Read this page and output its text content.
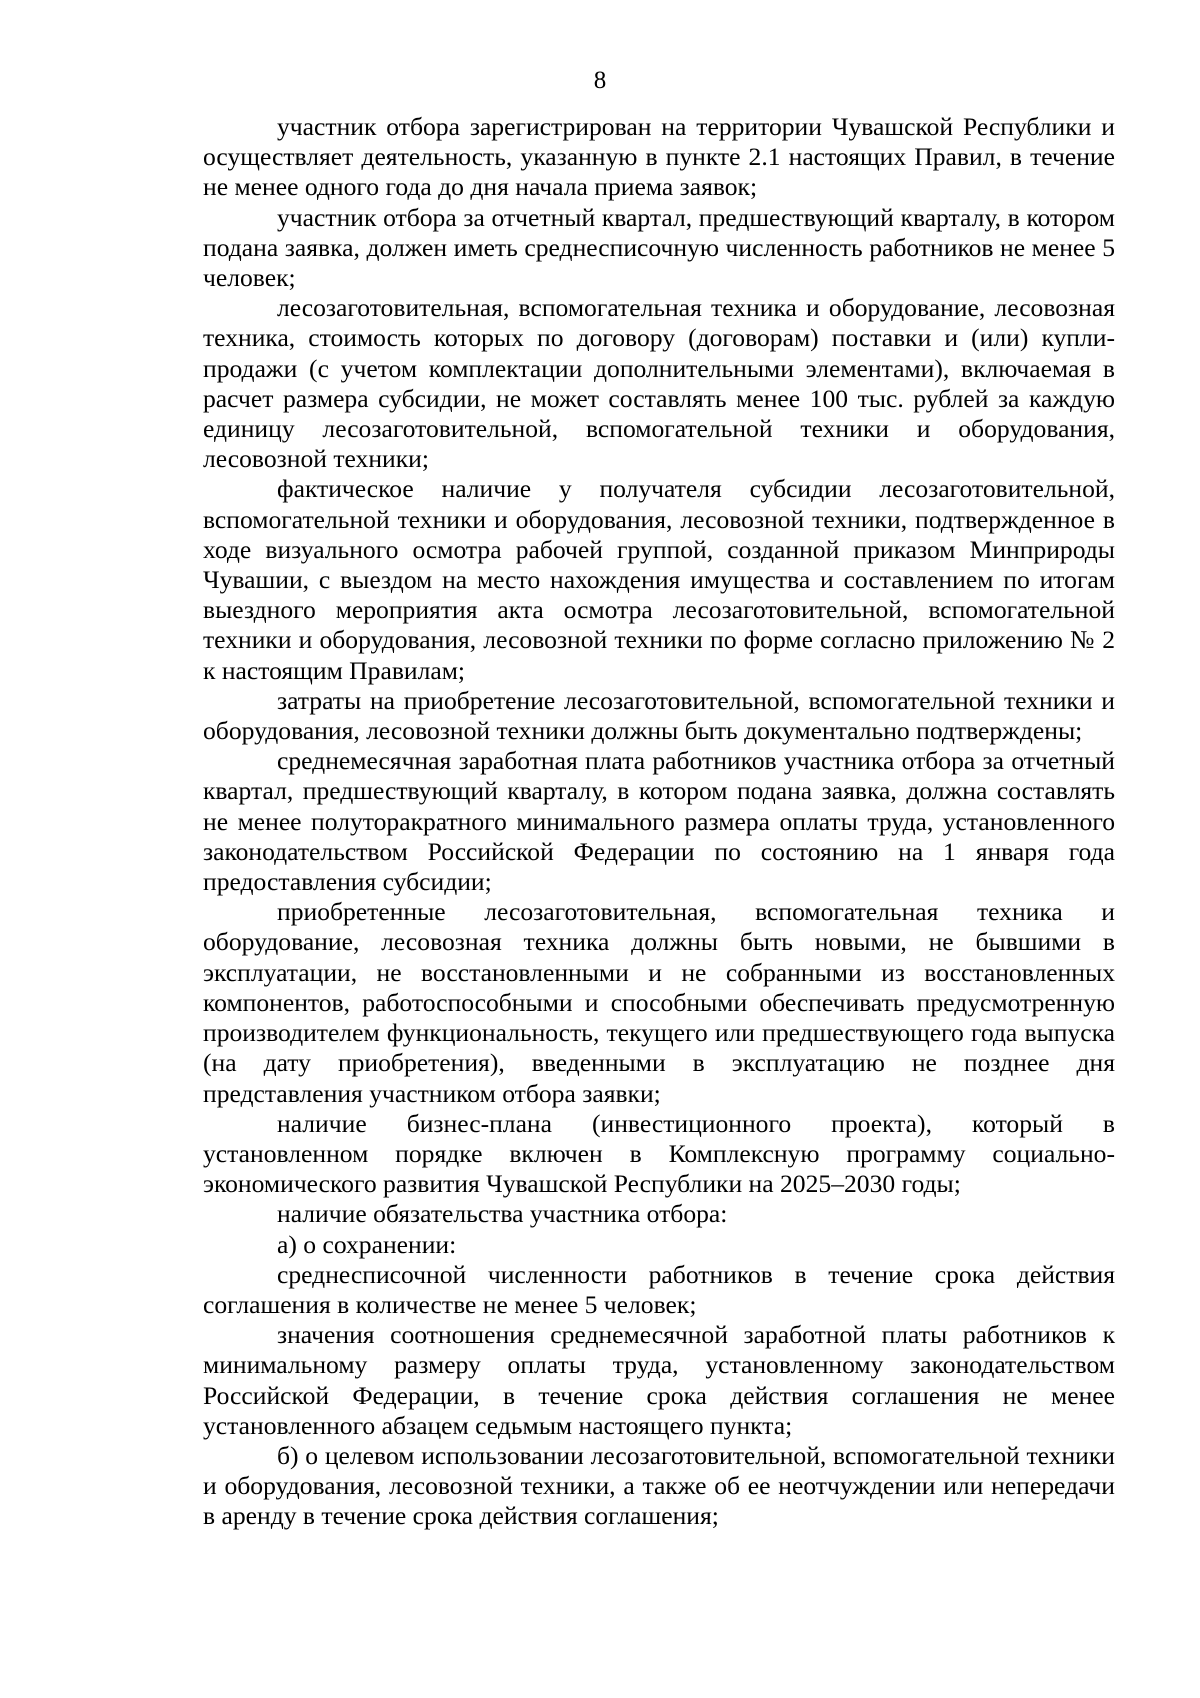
8

участник отбора зарегистрирован на территории Чувашской Республики и осуществляет деятельность, указанную в пункте 2.1 настоящих Правил, в течение не менее одного года до дня начала приема заявок;

участник отбора за отчетный квартал, предшествующий кварталу, в котором подана заявка, должен иметь среднесписочную численность работников не менее 5 человек;

лесозаготовительная, вспомогательная техника и оборудование, лесовозная техника, стоимость которых по договору (договорам) поставки и (или) купли-продажи (с учетом комплектации дополнительными элементами), включаемая в расчет размера субсидии, не может составлять менее 100 тыс. рублей за каждую единицу лесозаготовительной, вспомогательной техники и оборудования, лесовозной техники;

фактическое наличие у получателя субсидии лесозаготовительной, вспомогательной техники и оборудования, лесовозной техники, подтвержденное в ходе визуального осмотра рабочей группой, созданной приказом Минприроды Чувашии, с выездом на место нахождения имущества и составлением по итогам выездного мероприятия акта осмотра лесозаготовительной, вспомогательной техники и оборудования, лесовозной техники по форме согласно приложению № 2 к настоящим Правилам;

затраты на приобретение лесозаготовительной, вспомогательной техники и оборудования, лесовозной техники должны быть документально подтверждены;

среднемесячная заработная плата работников участника отбора за отчетный квартал, предшествующий кварталу, в котором подана заявка, должна составлять не менее полуторакратного минимального размера оплаты труда, установленного законодательством Российской Федерации по состоянию на 1 января года предоставления субсидии;

приобретенные лесозаготовительная, вспомогательная техника и оборудование, лесовозная техника должны быть новыми, не бывшими в эксплуатации, не восстановленными и не собранными из восстановленных компонентов, работоспособными и способными обеспечивать предусмотренную производителем функциональность, текущего или предшествующего года выпуска (на дату приобретения), введенными в эксплуатацию не позднее дня представления участником отбора заявки;

наличие бизнес-плана (инвестиционного проекта), который в установленном порядке включен в Комплексную программу социально-экономического развития Чувашской Республики на 2025–2030 годы;

наличие обязательства участника отбора:

а) о сохранении:

среднесписочной численности работников в течение срока действия соглашения в количестве не менее 5 человек;

значения соотношения среднемесячной заработной платы работников к минимальному размеру оплаты труда, установленному законодательством Российской Федерации, в течение срока действия соглашения не менее установленного абзацем седьмым настоящего пункта;

б) о целевом использовании лесозаготовительной, вспомогательной техники и оборудования, лесовозной техники, а также об ее неотчуждении или непередачи в аренду в течение срока действия соглашения;
